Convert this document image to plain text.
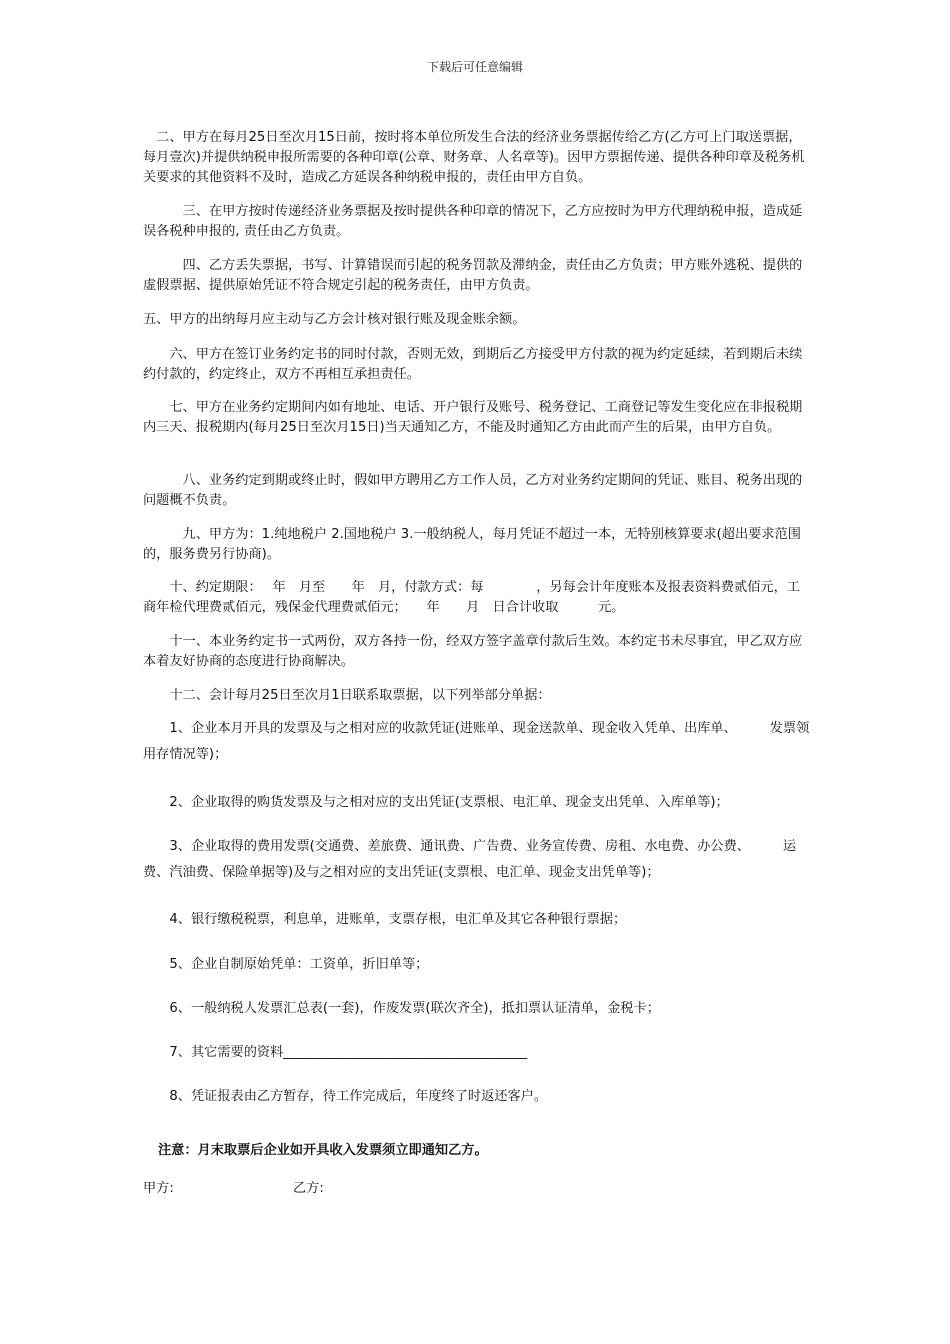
下载后可任意编辑

　二、甲方在每月25日至次月15日前，按时将本单位所发生合法的经济业务票据传给乙方(乙方可上门取送票据，每月壹次)并提供纳税申报所需要的各种印章(公章、财务章、人名章等)。因甲方票据传递、提供各种印章及税务机关要求的其他资料不及时，造成乙方延误各种纳税申报的，责任由甲方自负。

　　　三、在甲方按时传递经济业务票据及按时提供各种印章的情况下，乙方应按时为甲方代理纳税申报，造成延误各税种申报的, 责任由乙方负责。

　　　四、乙方丢失票据，书写、计算错误而引起的税务罚款及滞纳金，责任由乙方负责；甲方账外逃税、提供的虚假票据、提供原始凭证不符合规定引起的税务责任，由甲方负责。

五、甲方的出纳每月应主动与乙方会计核对银行账及现金账余额。

　　六、甲方在签订业务约定书的同时付款，否则无效，到期后乙方接受甲方付款的视为约定延续，若到期后未续约付款的，约定终止，双方不再相互承担责任。

　　七、甲方在业务约定期间内如有地址、电话、开户银行及账号、税务登记、工商登记等发生变化应在非报税期内三天、报税期内(每月25日至次月15日)当天通知乙方，不能及时通知乙方由此而产生的后果，由甲方自负。

　　　八、业务约定到期或终止时，假如甲方聘用乙方工作人员，乙方对业务约定期间的凭证、账目、税务出现的问题概不负责。

　　　九、甲方为：1.纯地税户 2.国地税户 3.一般纳税人，每月凭证不超过一本，无特别核算要求(超出要求范围的，服务费另行协商)。

　　十、约定期限：　 年　月至　　年　月，付款方式：每　　　　，另每会计年度账本及报表资料费贰佰元，工商年检代理费贰佰元，残保金代理费贰佰元；　　年　　月　日合计收取　　　元。

　　十一、本业务约定书一式两份，双方各持一份，经双方签字盖章付款后生效。本约定书未尽事宜，甲乙双方应本着友好协商的态度进行协商解决。

　　十二、会计每月25日至次月1日联系取票据，以下列举部分单据：

　　1、企业本月开具的发票及与之相对应的收款凭证(进账单、现金送款单、现金收入凭单、出库单、　　　发票领用存情况等)；

　　2、企业取得的购货发票及与之相对应的支出凭证(支票根、电汇单、现金支出凭单、入库单等)；

　　3、企业取得的费用发票(交通费、差旅费、通讯费、广告费、业务宣传费、房租、水电费、办公费、　　　运费、汽油费、保险单据等)及与之相对应的支出凭证(支票根、电汇单、现金支出凭单等)；

　　4、银行缴税税票，利息单，进账单，支票存根，电汇单及其它各种银行票据；

　　5、企业自制原始凭单：工资单，折旧单等；

　　6、一般纳税人发票汇总表(一套)，作废发票(联次齐全)，抵扣票认证清单，金税卡；

　　7、其它需要的资料_____________________________________

　　8、凭证报表由乙方暂存，待工作完成后，年度终了时返还客户。

注意：月末取票后企业如开具收入发票须立即通知乙方。
甲方:	乙方:
